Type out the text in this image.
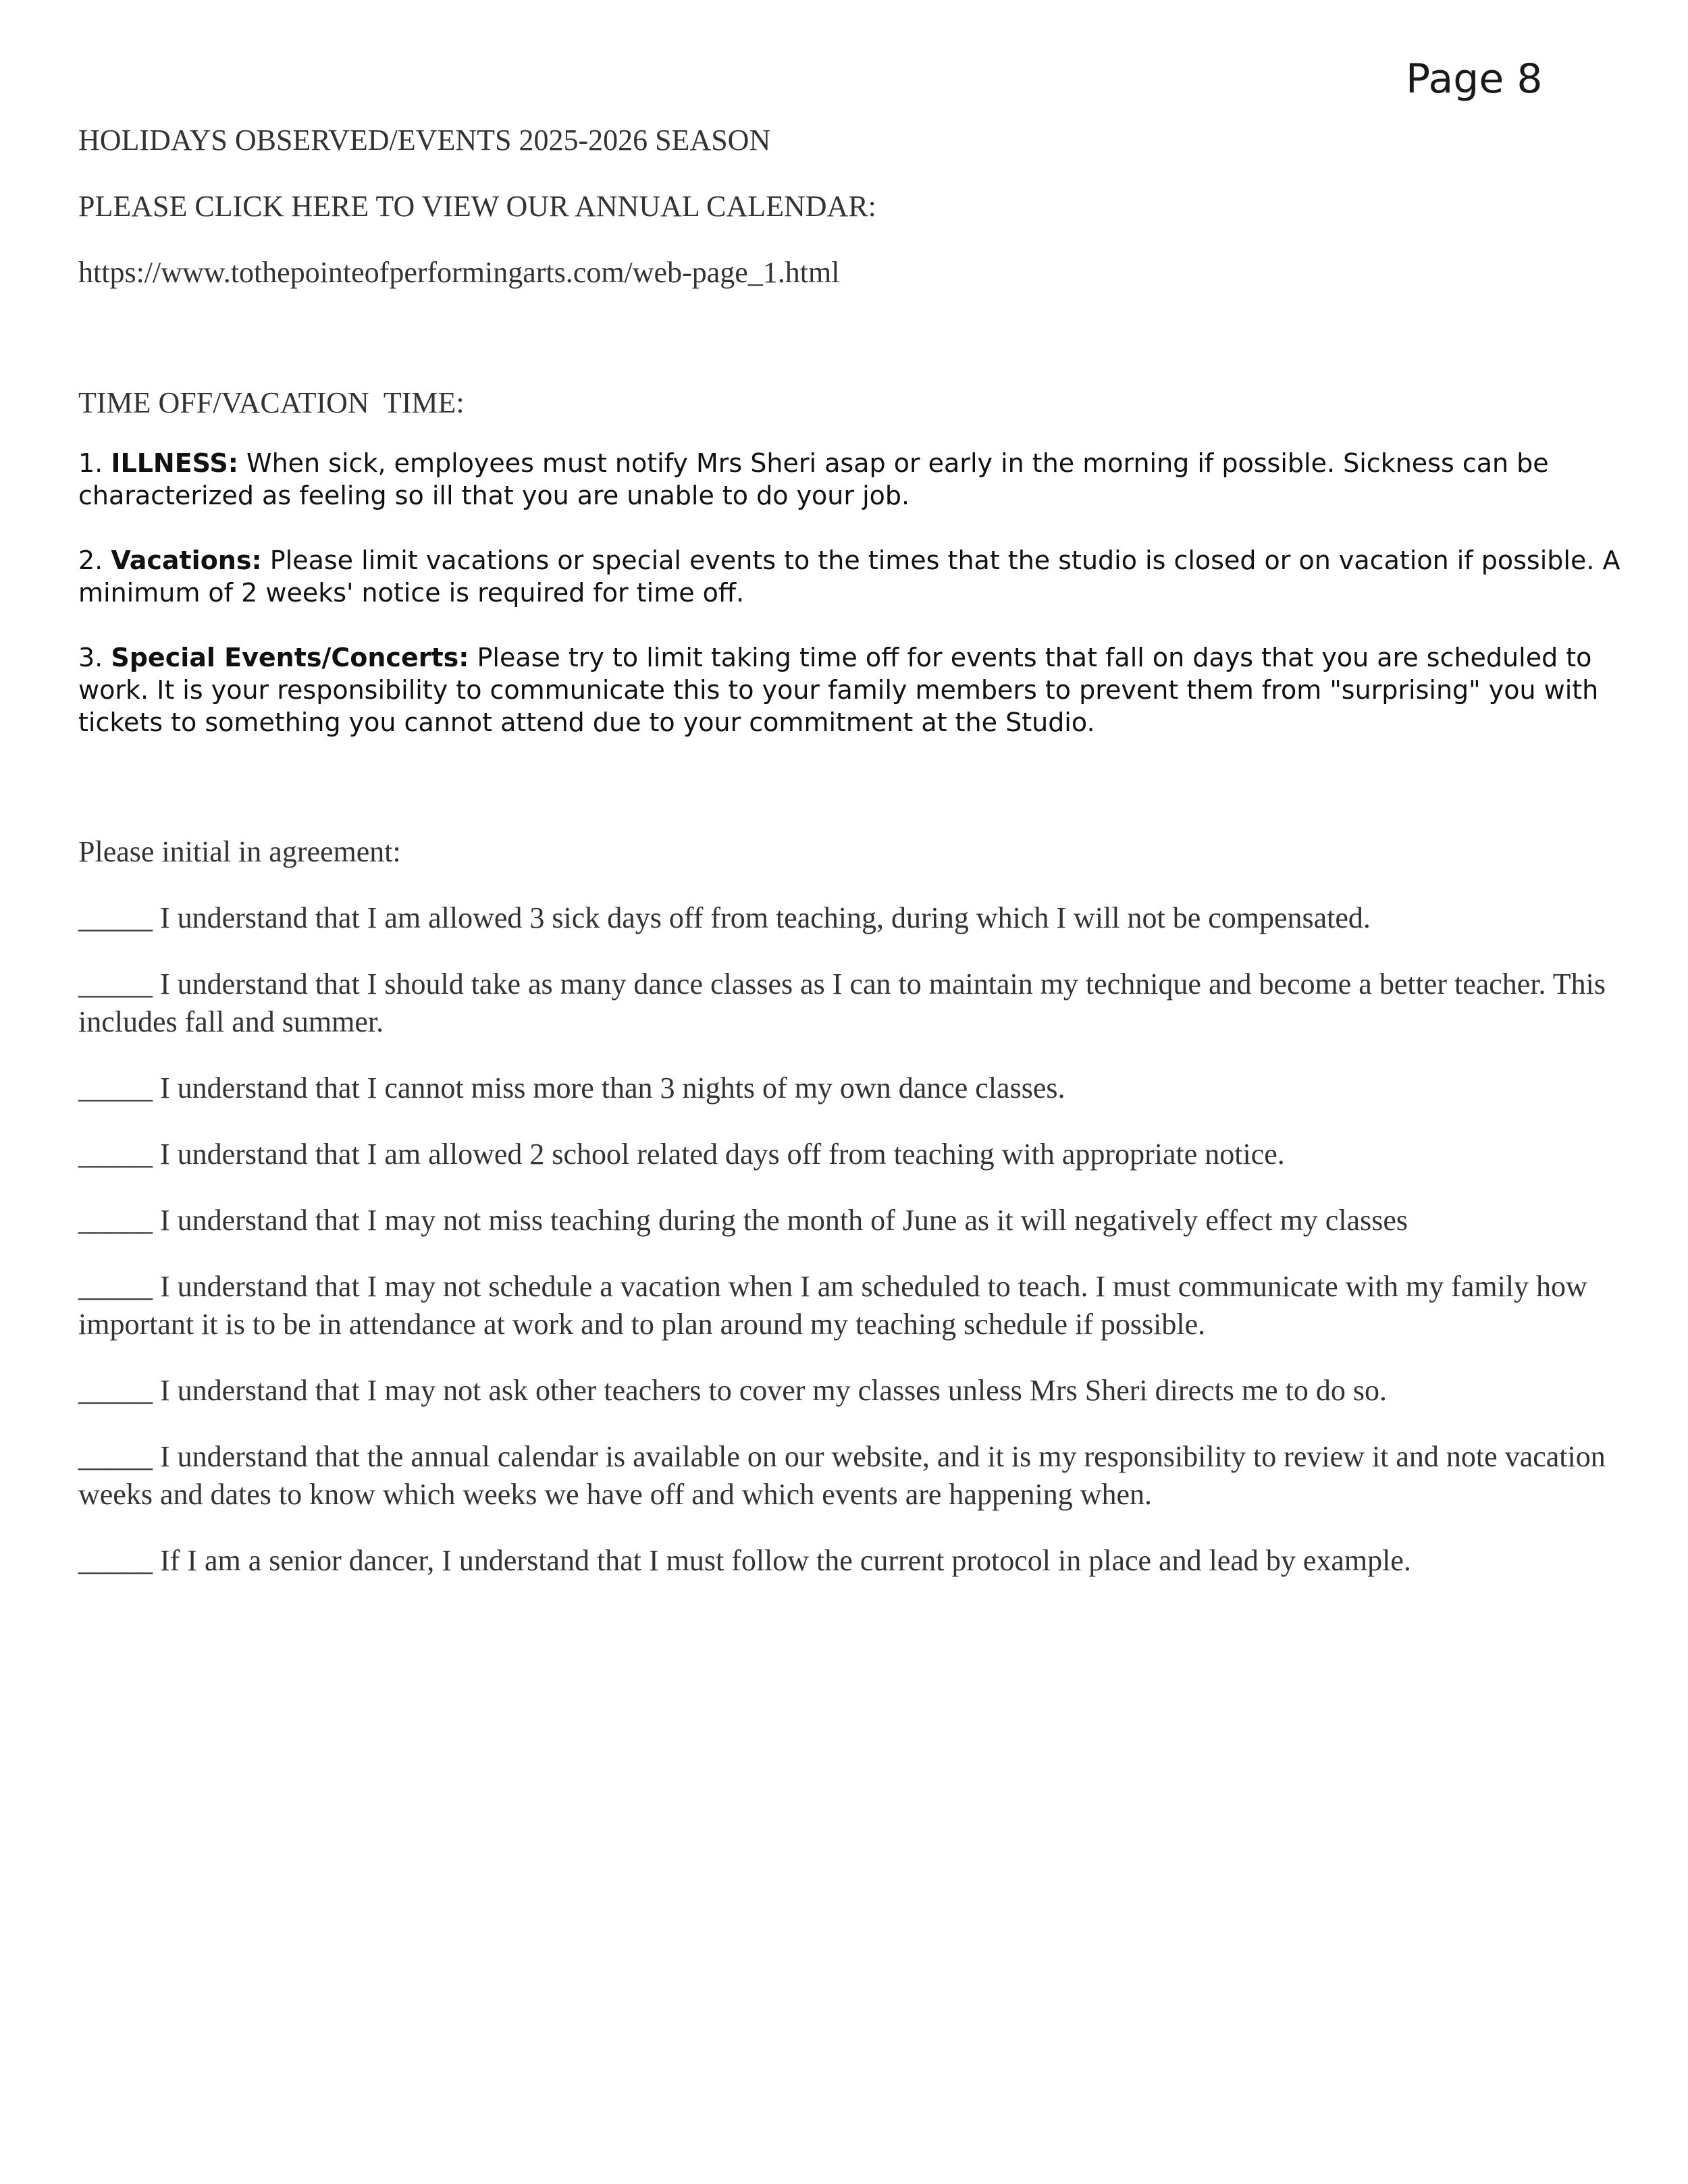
Page 8

HOLIDAYS OBSERVED/EVENTS 2025-2026 SEASON

PLEASE CLICK HERE TO VIEW OUR ANNUAL CALENDAR:

https://www.tothepointeofperformingarts.com/web-page_1.html

TIME OFF/VACATION  TIME:

1. ILLNESS: When sick, employees must notify Mrs Sheri asap or early in the morning if possible. Sickness can be characterized as feeling so ill that you are unable to do your job.

2. Vacations: Please limit vacations or special events to the times that the studio is closed or on vacation if possible. A minimum of 2 weeks' notice is required for time off.

3. Special Events/Concerts: Please try to limit taking time off for events that fall on days that you are scheduled to work. It is your responsibility to communicate this to your family members to prevent them from "surprising" you with tickets to something you cannot attend due to your commitment at the Studio.

Please initial in agreement:

_____ I understand that I am allowed 3 sick days off from teaching, during which I will not be compensated.

_____ I understand that I should take as many dance classes as I can to maintain my technique and become a better teacher. This includes fall and summer.

_____ I understand that I cannot miss more than 3 nights of my own dance classes.

_____ I understand that I am allowed 2 school related days off from teaching with appropriate notice.

_____ I understand that I may not miss teaching during the month of June as it will negatively effect my classes

_____ I understand that I may not schedule a vacation when I am scheduled to teach. I must communicate with my family how important it is to be in attendance at work and to plan around my teaching schedule if possible.

_____ I understand that I may not ask other teachers to cover my classes unless Mrs Sheri directs me to do so.

_____ I understand that the annual calendar is available on our website, and it is my responsibility to review it and note vacation weeks and dates to know which weeks we have off and which events are happening when.

_____ If I am a senior dancer, I understand that I must follow the current protocol in place and lead by example.
